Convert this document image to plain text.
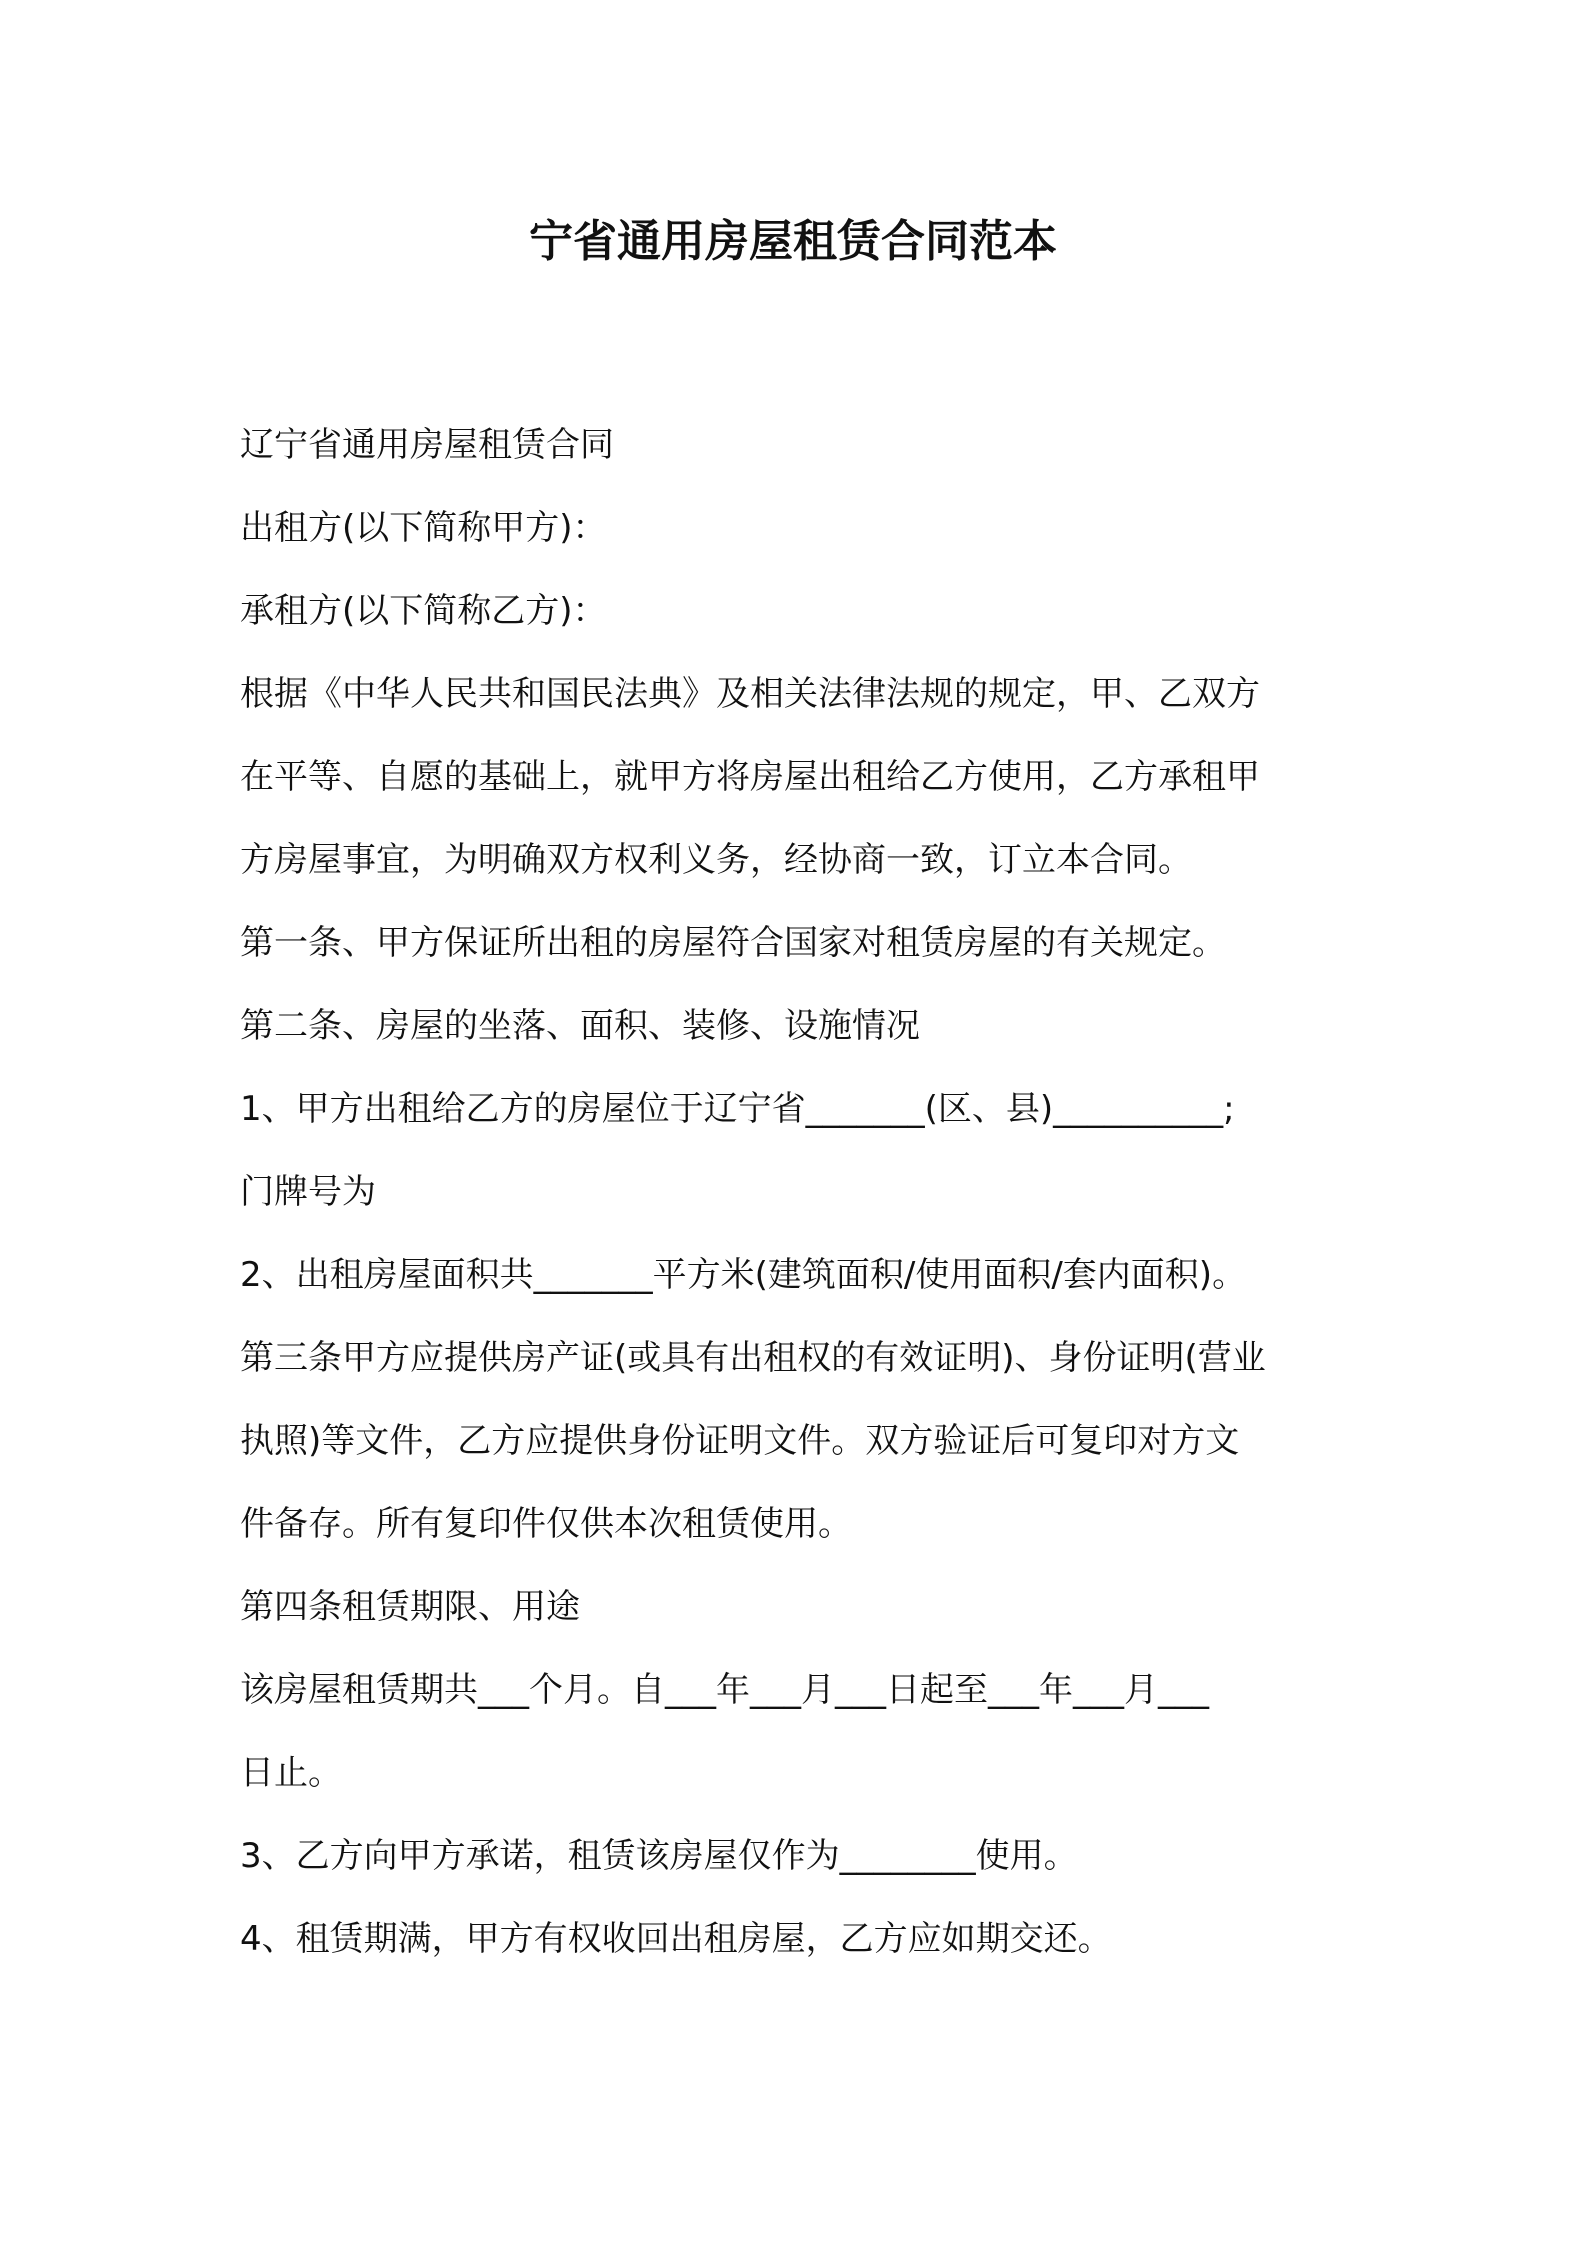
宁省通用房屋租赁合同范本
辽宁省通用房屋租赁合同
出租方(以下简称甲方)：
承租方(以下简称乙方)：
根据《中华人民共和国民法典》及相关法律法规的规定，甲、乙双方
在平等、自愿的基础上，就甲方将房屋出租给乙方使用，乙方承租甲
方房屋事宜，为明确双方权利义务，经协商一致，订立本合同。
第一条、甲方保证所出租的房屋符合国家对租赁房屋的有关规定。
第二条、房屋的坐落、面积、装修、设施情况
1、甲方出租给乙方的房屋位于辽宁省_______(区、县)__________;
门牌号为
2、出租房屋面积共_______平方米(建筑面积/使用面积/套内面积)。
第三条甲方应提供房产证(或具有出租权的有效证明)、身份证明(营业
执照)等文件，乙方应提供身份证明文件。双方验证后可复印对方文
件备存。所有复印件仅供本次租赁使用。
第四条租赁期限、用途
该房屋租赁期共___个月。自___年___月___日起至___年___月___
日止。
3、乙方向甲方承诺，租赁该房屋仅作为________使用。
4、租赁期满，甲方有权收回出租房屋，乙方应如期交还。
